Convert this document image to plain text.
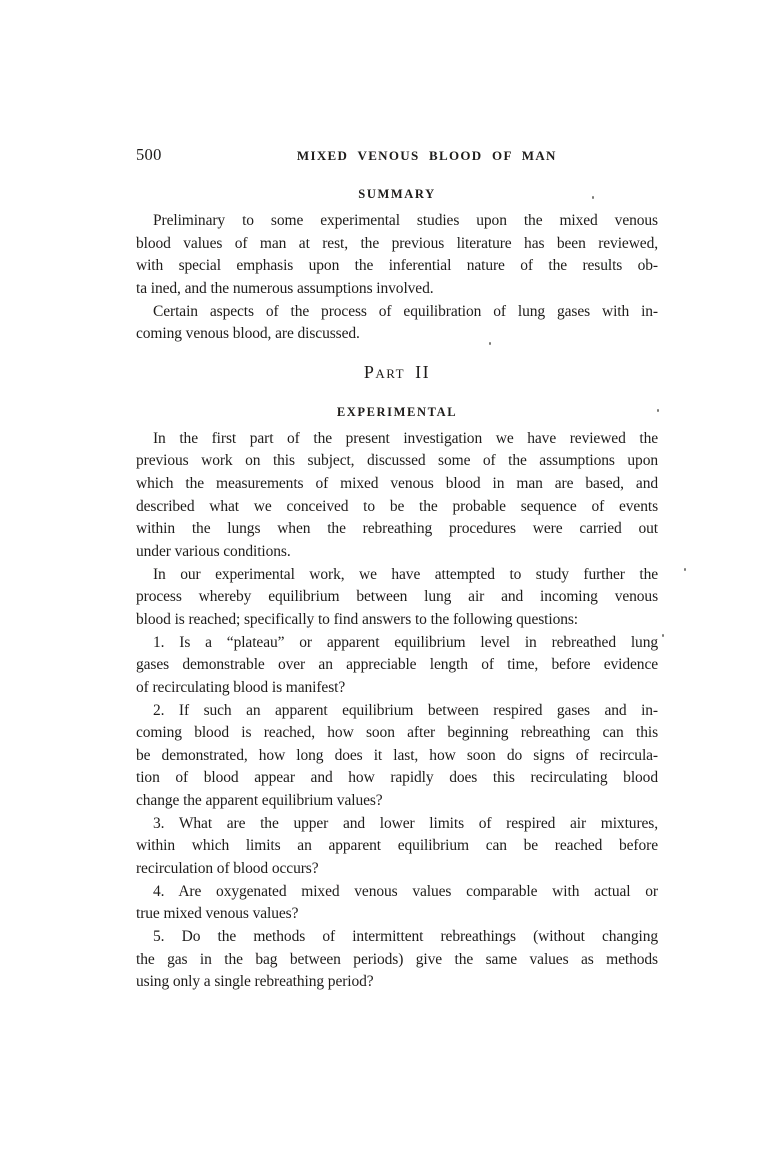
500	MIXED VENOUS BLOOD OF MAN
SUMMARY
Preliminary to some experimental studies upon the mixed venous
blood values of man at rest, the previous literature has been reviewed,
with special emphasis upon the inferential nature of the results ob-
ta ined, and the numerous assumptions involved.
Certain aspects of the process of equilibration of lung gases with in-
coming venous blood, are discussed.
Part II
EXPERIMENTAL
In the first part of the present investigation we have reviewed the
previous work on this subject, discussed some of the assumptions upon
which the measurements of mixed venous blood in man are based, and
described what we conceived to be the probable sequence of events
within the lungs when the rebreathing procedures were carried out
under various conditions.
In our experimental work, we have attempted to study further the
process whereby equilibrium between lung air and incoming venous
blood is reached; specifically to find answers to the following questions:
1. Is a “plateau” or apparent equilibrium level in rebreathed lung
gases demonstrable over an appreciable length of time, before evidence
of recirculating blood is manifest?
2. If such an apparent equilibrium between respired gases and in-
coming blood is reached, how soon after beginning rebreathing can this
be demonstrated, how long does it last, how soon do signs of recircula-
tion of blood appear and how rapidly does this recirculating blood
change the apparent equilibrium values?
3. What are the upper and lower limits of respired air mixtures,
within which limits an apparent equilibrium can be reached before
recirculation of blood occurs?
4. Are oxygenated mixed venous values comparable with actual or
true mixed venous values?
5. Do the methods of intermittent rebreathings (without changing
the gas in the bag between periods) give the same values as methods
using only a single rebreathing period?
